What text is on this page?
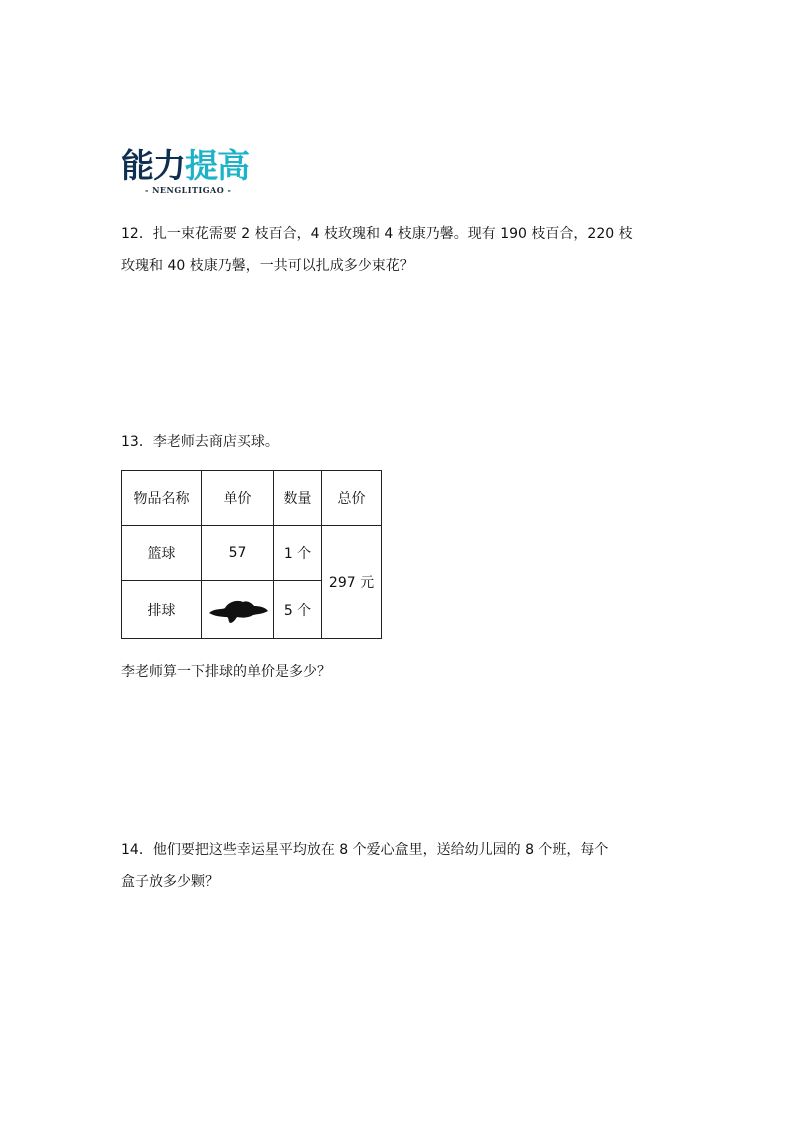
能力 提高
- NENGLITIGAO -
12．扎一束花需要 2 枝百合，4 枝玫瑰和 4 枝康乃馨。现有 190 枝百合，220 枝
玫瑰和 40 枝康乃馨，一共可以扎成多少束花？
13．李老师去商店买球。
物品名称	单价	数量	总价
篮球	57	1 个	297 元
排球		5 个	
李老师算一下排球的单价是多少？
14．他们要把这些幸运星平均放在 8 个爱心盒里，送给幼儿园的 8 个班，每个
盒子放多少颗？
